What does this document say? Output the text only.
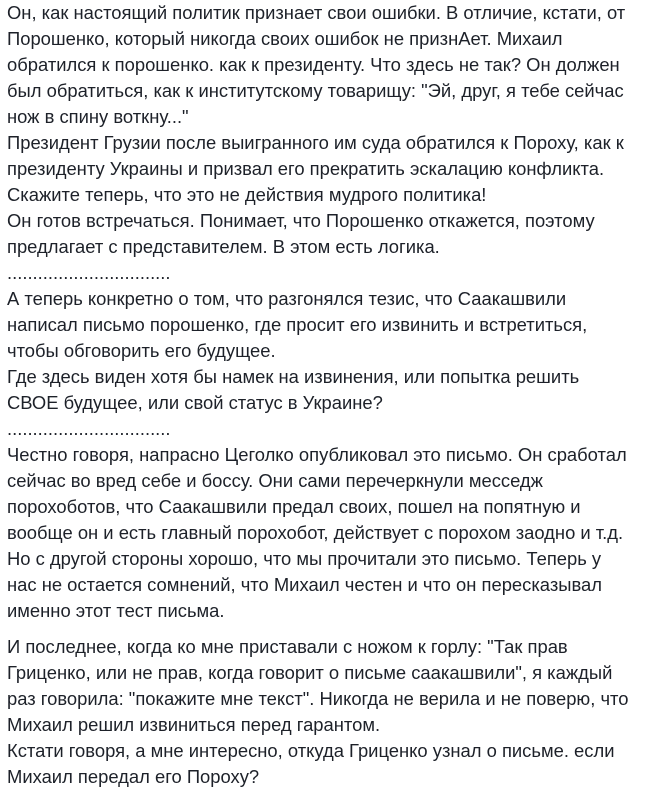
Он, как настоящий политик признает свои ошибки. В отличие, кстати, от
Порошенко, который никогда своих ошибок не признАет. Михаил
обратился к порошенко. как к президенту. Что здесь не так? Он должен
был обратиться, как к институтскому товарищу: "Эй, друг, я тебе сейчас
нож в спину воткну..."
Президент Грузии после выигранного им суда обратился к Пороху, как к
президенту Украины и призвал его прекратить эскалацию конфликта.
Скажите теперь, что это не действия мудрого политика!
Он готов встречаться. Понимает, что Порошенко откажется, поэтому
предлагает с представителем. В этом есть логика.
................................
А теперь конкретно о том, что разгонялся тезис, что Саакашвили
написал письмо порошенко, где просит его извинить и встретиться,
чтобы обговорить его будущее.
Где здесь виден хотя бы намек на извинения, или попытка решить
СВОЕ будущее, или свой статус в Украине?
................................
Честно говоря, напрасно Цеголко опубликовал это письмо. Он сработал
сейчас во вред себе и боссу. Они сами перечеркнули месседж
порохоботов, что Саакашвили предал своих, пошел на попятную и
вообще он и есть главный порохобот, действует с порохом заодно и т.д.
Но с другой стороны хорошо, что мы прочитали это письмо. Теперь у
нас не остается сомнений, что Михаил честен и что он пересказывал
именно этот тест письма.
И последнее, когда ко мне приставали с ножом к горлу: "Так прав
Гриценко, или не прав, когда говорит о письме саакашвили", я каждый
раз говорила: "покажите мне текст". Никогда не верила и не поверю, что
Михаил решил извиниться перед гарантом.
Кстати говоря, а мне интересно, откуда Гриценко узнал о письме. если
Михаил передал его Пороху?
